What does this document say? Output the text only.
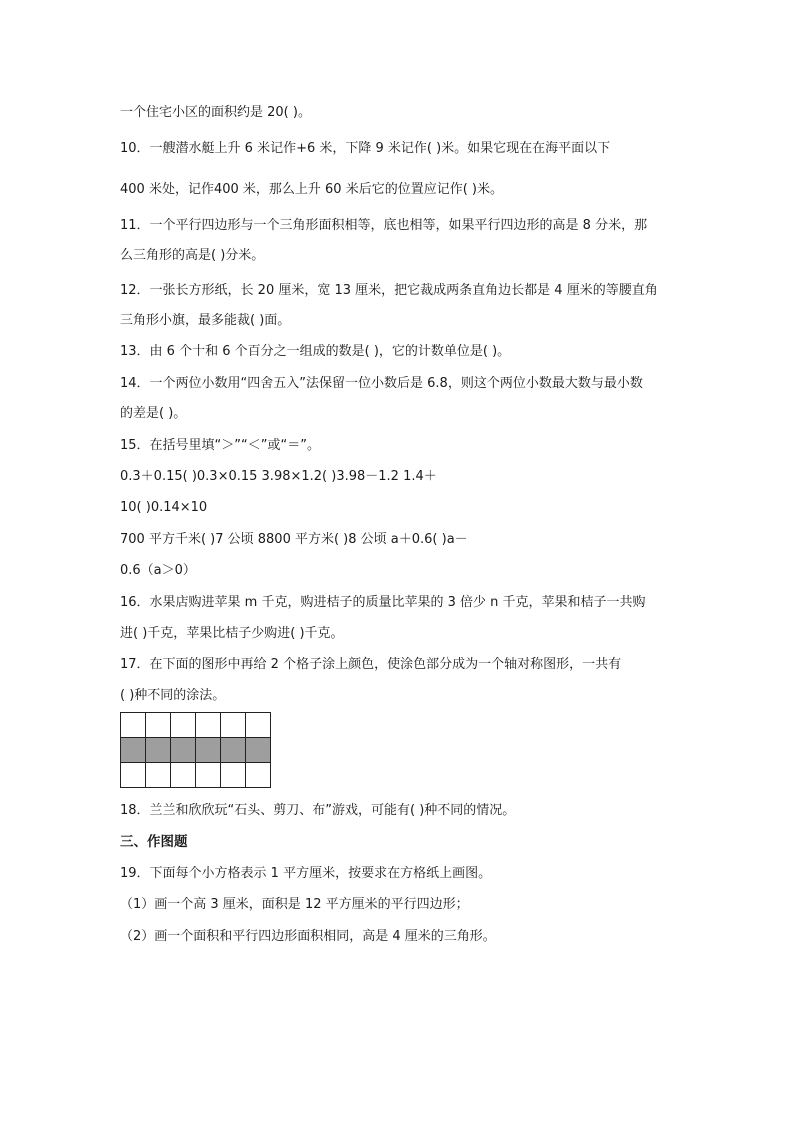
一个住宅小区的面积约是 20( )。
10．一艘潜水艇上升 6 米记作+6 米，下降 9 米记作( )米。如果它现在在海平面以下
400 米处，记作400 米，那么上升 60 米后它的位置应记作( )米。
11．一个平行四边形与一个三角形面积相等，底也相等，如果平行四边形的高是 8 分米，那
么三角形的高是( )分米。
12．一张长方形纸，长 20 厘米，宽 13 厘米，把它裁成两条直角边长都是 4 厘米的等腰直角
三角形小旗，最多能裁( )面。
13．由 6 个十和 6 个百分之一组成的数是( )，它的计数单位是( )。
14．一个两位小数用“四舍五入”法保留一位小数后是 6.8，则这个两位小数最大数与最小数
的差是( )。
15．在括号里填“＞”“＜”或“＝”。
0.3＋0.15( )0.3×0.15 3.98×1.2( )3.98－1.2 1.4＋
10( )0.14×10
700 平方千米( )7 公顷 8800 平方米( )8 公顷 a＋0.6( )a－
0.6（a＞0）
16．水果店购进苹果 m 千克，购进桔子的质量比苹果的 3 倍少 n 千克，苹果和桔子一共购
进( )千克，苹果比桔子少购进( )千克。
17．在下面的图形中再给 2 个格子涂上颜色，使涂色部分成为一个轴对称图形，一共有
( )种不同的涂法。

18．兰兰和欣欣玩“石头、剪刀、布”游戏，可能有( )种不同的情况。
三、作图题
19．下面每个小方格表示 1 平方厘米，按要求在方格纸上画图。
（1）画一个高 3 厘米，面积是 12 平方厘米的平行四边形；
（2）画一个面积和平行四边形面积相同，高是 4 厘米的三角形。
